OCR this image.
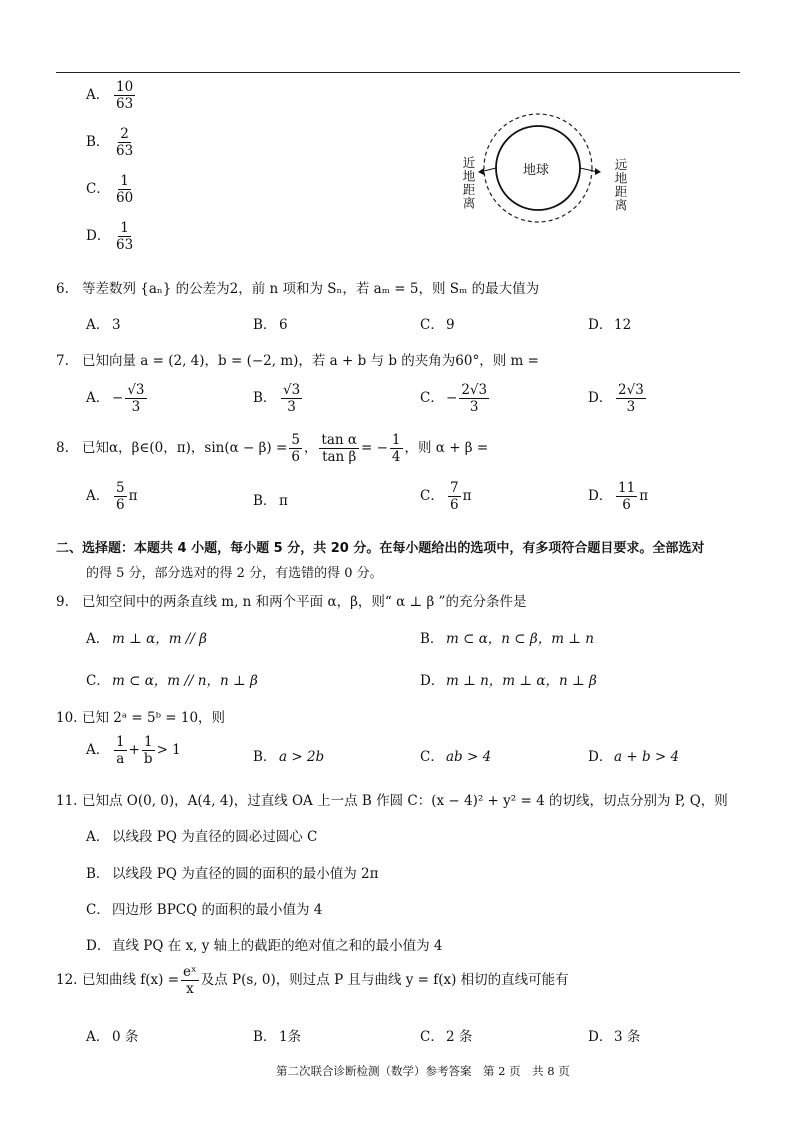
A． $\frac{10}{63}$
B． $\frac{2}{63}$
C． $\frac{1}{60}$
D． $\frac{1}{63}$
地球
近地距离	远地距离
6. 等差数列 {aₙ} 的公差为2，前 n 项和为 Sₙ，若 aₘ = 5，则 Sₘ 的最大值为
A． 3	B． 6	C． 9	D． 12
7. 已知向量 a = (2, 4)，b = (−2, m)，若 a + b 与 b 的夹角为60°，则 m =
A． − $\frac{√3}{3}$	B． $\frac{√3}{3}$	C． − $\frac{2√3}{3}$	D． $\frac{2√3}{3}$
8. 已知α，β∈(0，π)，$\sin(\alpha - \beta) = \frac{5}{6}$ ， $\frac{\text{tan α}}{\text{tan β}}$ = − $\frac{1}{4}$ ，则 α + β =
A． $\frac{5}{6}$ π	B． π	C． $\frac{7}{6}$ π	D． $\frac{11}{6}$ π
二、选择题：本题共 4 小题，每小题 5 分，共 20 分。在每小题给出的选项中，有多项符合题目要求。全部选对
的得 5 分，部分选对的得 2 分，有选错的得 0 分。
9. 已知空间中的两条直线 m, n 和两个平面 α，β，则“ α ⊥ β ”的充分条件是
A． m ⊥ α，m // β	B． m ⊂ α，n ⊂ β，m ⊥ n
C． m ⊂ α，m // n，n ⊥ β	D． m ⊥ n，m ⊥ α，n ⊥ β
10. 已知 2ᵃ = 5ᵇ = 10，则
A． $\frac{1}{a} + \frac{1}{b} > 1$	B． a > 2b	C． ab > 4	D． a + b > 4
11. 已知点 O(0, 0)，A(4, 4)，过直线 OA 上一点 B 作圆 C：(x − 4)² + y² = 4 的切线，切点分别为 P, Q，则
A． 以线段 PQ 为直径的圆必过圆心 C
B． 以线段 PQ 为直径的圆的面积的最小值为 2π
C． 四边形 BPCQ 的面积的最小值为 4
D． 直线 PQ 在 x, y 轴上的截距的绝对值之和的最小值为 4
12. 已知曲线 $f(x) = \frac{\text{eˣ}}{x}$ 及点 P(s, 0)，则过点 P 且与曲线 y = f(x) 相切的直线可能有
A． 0 条	B． 1条	C． 2 条	D． 3 条
第二次联合诊断检测（数学）参考答案　第 2 页　共 8 页
